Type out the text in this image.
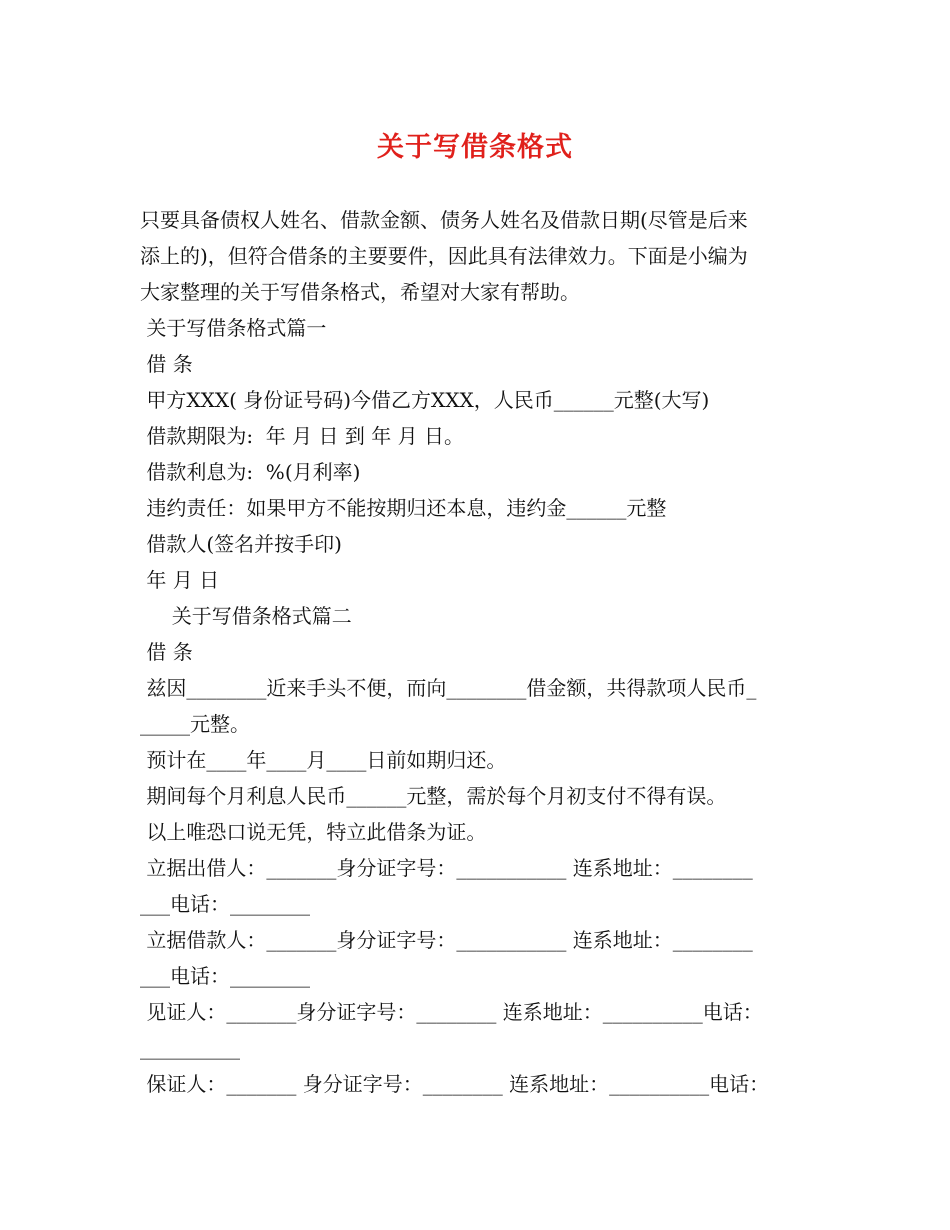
关于写借条格式
只要具备债权人姓名、借款金额、债务人姓名及借款日期(尽管是后来
添上的)，但符合借条的主要要件，因此具有法律效力。下面是小编为
大家整理的关于写借条格式，希望对大家有帮助。
关于写借条格式篇一
借 条
甲方XXX( 身份证号码)今借乙方XXX，人民币______元整(大写)
借款期限为:  年 月 日 到 年 月 日。
借款利息为:  %(月利率)
违约责任：如果甲方不能按期归还本息，违约金______元整
借款人(签名并按手印)
年 月 日
关于写借条格式篇二
借 条
兹因________近来手头不便，而向________借金额，共得款项人民币_
_____元整。
预计在____年____月____日前如期归还。
期间每个月利息人民币______元整，需於每个月初支付不得有误。
以上唯恐口说无凭，特立此借条为证。
立据出借人：_______身分证字号：___________ 连系地址：________
___电话：________
立据借款人：_______身分证字号：___________ 连系地址：________
___电话：________
见证人：_______身分证字号：________ 连系地址：__________电话：
__________
保证人：_______ 身分证字号：________ 连系地址：__________电话：
